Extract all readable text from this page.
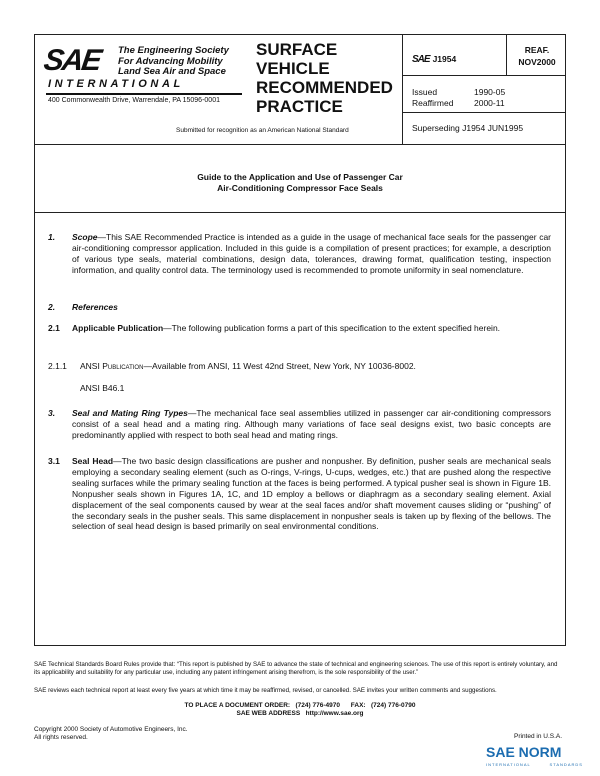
SAE The Engineering Society
For Advancing Mobility
Land Sea Air and Space
INTERNATIONAL
400 Commonwealth Drive, Warrendale, PA 15096-0001
SURFACE
VEHICLE
RECOMMENDED
PRACTICE
SAE J1954
REAF.
NOV2000
Issued	1990-05
Reaffirmed 2000-11
Superseding J1954 JUN1995
Submitted for recognition as an American National Standard
Guide to the Application and Use of Passenger Car
Air-Conditioning Compressor Face Seals
1. Scope—This SAE Recommended Practice is intended as a guide in the usage of mechanical face seals for the passenger car air-conditioning compressor application. Included in this guide is a compilation of present practices; for example, a description of various type seals, material combinations, design data, tolerances, drawing format, qualification testing, inspection information, and quality control data. The terminology used is recommended to promote uniformity in seal nomenclature.
2. References
2.1 Applicable Publication—The following publication forms a part of this specification to the extent specified herein.
2.1.1 ANSI Publication—Available from ANSI, 11 West 42nd Street, New York, NY 10036-8002.
ANSI B46.1
3. Seal and Mating Ring Types—The mechanical face seal assemblies utilized in passenger car air-conditioning compressors consist of a seal head and a mating ring. Although many variations of face seal designs exist, two basic concepts are predominantly applied with respect to both seal head and mating rings.
3.1 Seal Head—The two basic design classifications are pusher and nonpusher. By definition, pusher seals are mechanical seals employing a secondary sealing element (such as O-rings, V-rings, U-cups, wedges, etc.) that are pushed along the respective sealing surfaces while the primary sealing function at the faces is being performed. A typical pusher seal is shown in Figure 1B. Nonpusher seals shown in Figures 1A, 1C, and 1D employ a bellows or diaphragm as a secondary sealing element. Axial displacement of the seal components caused by wear at the seal faces and/or shaft movement causes sliding or “pushing” of the secondary seals in the pusher seals. This same displacement in nonpusher seals is taken up by flexing of the bellows. The selection of seal head design is based primarily on seal environmental conditions.
SAE Technical Standards Board Rules provide that: “This report is published by SAE to advance the state of technical and engineering sciences. The use of this report is entirely voluntary, and its applicability and suitability for any particular use, including any patent infringement arising therefrom, is the sole responsibility of the user.”
SAE reviews each technical report at least every five years at which time it may be reaffirmed, revised, or cancelled. SAE invites your written comments and suggestions.
TO PLACE A DOCUMENT ORDER:   (724) 776-4970      FAX:   (724) 776-0790
SAE WEB ADDRESS   http://www.sae.org
Copyright 2000 Society of Automotive Engineers, Inc.
All rights reserved.	Printed in U.S.A.
SAE NORM
INTERNATIONAL         STANDARDS
